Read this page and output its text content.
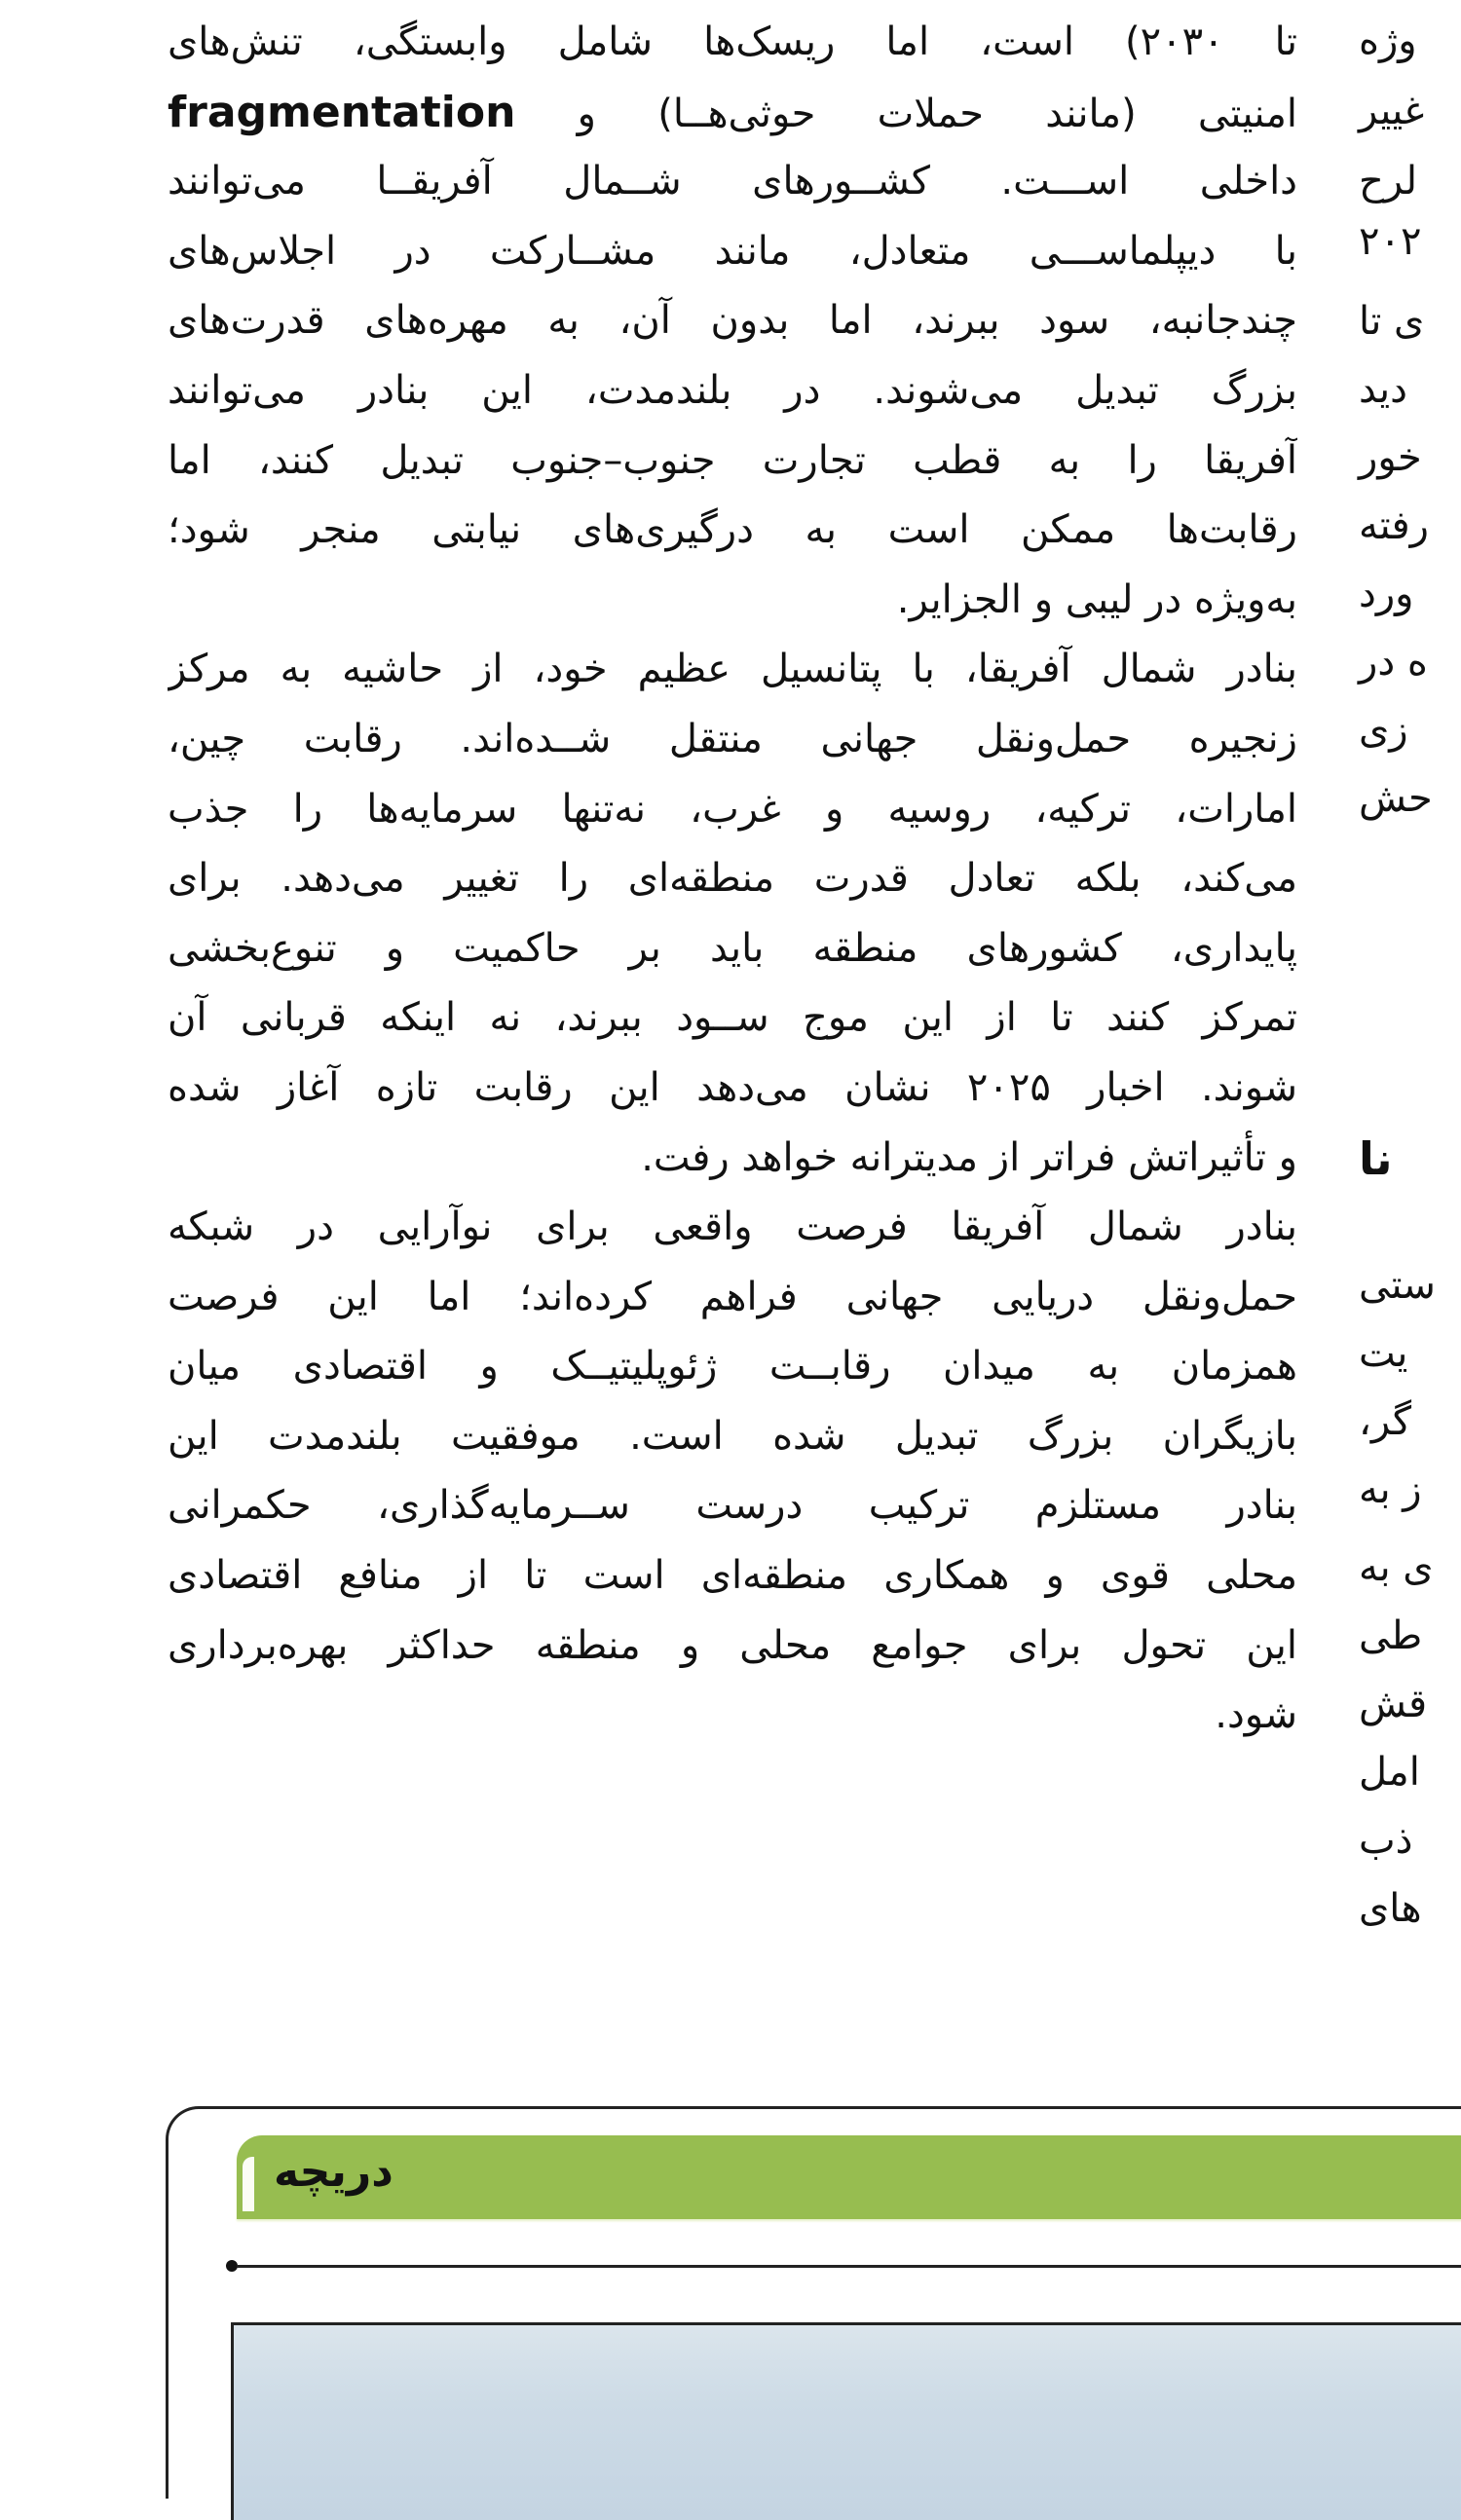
تا ۲۰۳۰) است، اما ریسک‌ها شامل وابستگی، تنش‌های
امنیتی (مانند حملات حوثی‌هــا) و fragmentation
داخلی اســـت. کشــورهای شــمال آفریقــا می‌توانند
با دیپلماســـی متعادل، مانند مشــارکت در اجلاس‌های
چندجانبه، سود ببرند، اما بدون آن، به مهره‌های قدرت‌های
بزرگ تبدیل می‌شوند. در بلندمدت، این بنادر می‌توانند
آفریقا را به قطب تجارت جنوب–جنوب تبدیل کنند، اما
رقابت‌ها ممکن است به درگیری‌های نیابتی منجر شود؛
به‌ویژه در لیبی و الجزایر.
بنادر شمال آفریقا، با پتانسیل عظیم خود، از حاشیه به مرکز
زنجیره حمل‌ونقل جهانی منتقل شــده‌اند. رقابت چین،
امارات، ترکیه، روسیه و غرب، نه‌تنها سرمایه‌ها را جذب
می‌کند، بلکه تعادل قدرت منطقه‌ای را تغییر می‌دهد. برای
پایداری، کشورهای منطقه باید بر حاکمیت و تنوع‌بخشی
تمرکز کنند تا از این موج ســود ببرند، نه اینکه قربانی آن
شوند. اخبار ۲۰۲۵ نشان می‌دهد این رقابت تازه آغاز شده
و تأثیراتش فراتر از مدیترانه خواهد رفت.
بنادر شمال آفریقا فرصت واقعی برای نوآرایی در شبکه
حمل‌ونقل دریایی جهانی فراهم کرده‌اند؛ اما این فرصت
همزمان به میدان رقابــت ژئوپلیتیــک و اقتصادی میان
بازیگران بزرگ تبدیل شده است. موفقیت بلندمدت این
بنادر مستلزم ترکیب درست ســرمایه‌گذاری، حکمرانی
محلی قوی و همکاری منطقه‌ای است تا از منافع اقتصادی
این تحول برای جوامع محلی و منطقه حداکثر بهره‌برداری
شود.
وژه
غییر
لرح
۲۰۲
ی تا
دید
خور
رفته
ورد
ه در
زی
حش
نا
ستی
یت
گر،
ز به
ی به
طی
قش
امل
ذب
های
دریچه
